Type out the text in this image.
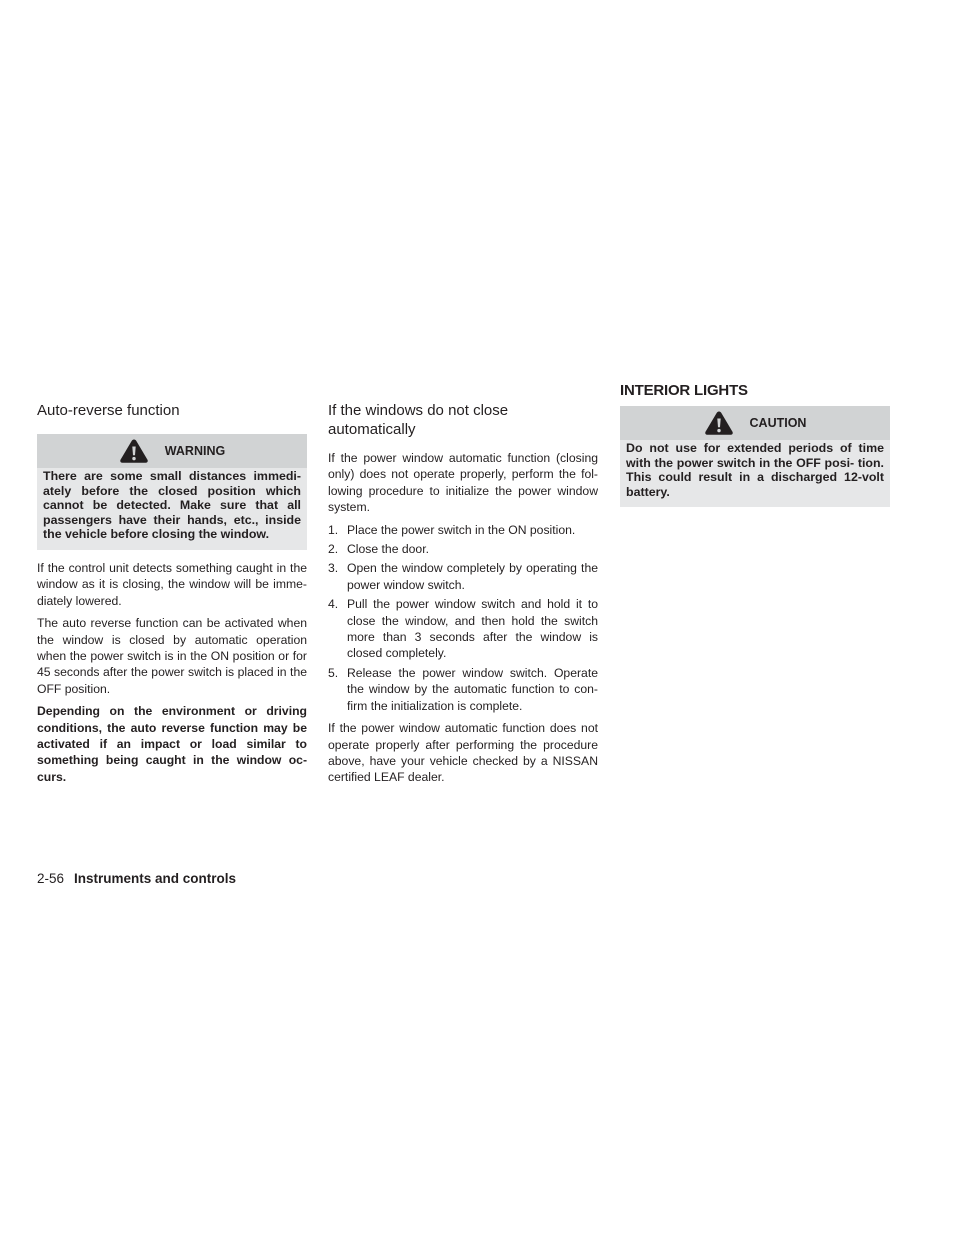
Auto-reverse function
WARNING

There are some small distances immedi- ately before the closed position which cannot be detected. Make sure that all passengers have their hands, etc., inside the vehicle before closing the window.

If the control unit detects something caught in the window as it is closing, the window will be imme- diately lowered.

The auto reverse function can be activated when the window is closed by automatic operation when the power switch is in the ON position or for 45 seconds after the power switch is placed in the OFF position.

Depending on the environment or driving conditions, the auto reverse function may be activated if an impact or load similar to something being caught in the window oc- curs.

If the windows do not close automatically

If the power window automatic function (closing only) does not operate properly, perform the fol- lowing procedure to initialize the power window system.

1. Place the power switch in the ON position.
2. Close the door.
3. Open the window completely by operating the power window switch.
4. Pull the power window switch and hold it to close the window, and then hold the switch more than 3 seconds after the window is closed completely.
5. Release the power window switch. Operate the window by the automatic function to con- firm the initialization is complete.

If the power window automatic function does not operate properly after performing the procedure above, have your vehicle checked by a NISSAN certified LEAF dealer.

INTERIOR LIGHTS
CAUTION

Do not use for extended periods of time with the power switch in the OFF posi- tion. This could result in a discharged 12-volt battery.

2-56 Instruments and controls
